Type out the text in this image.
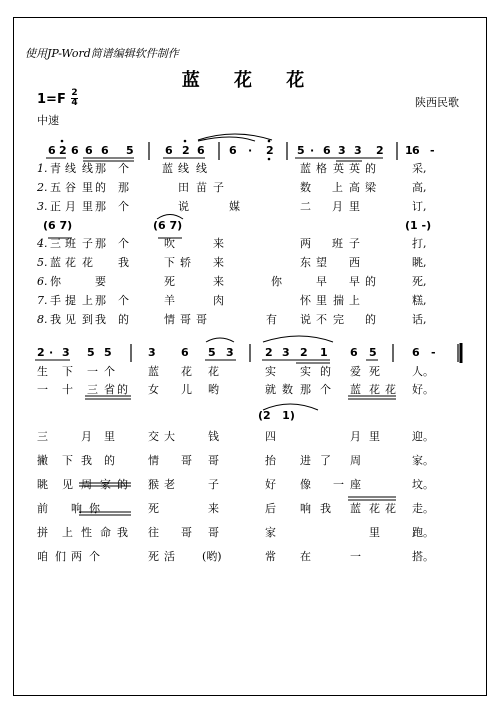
使用JP-Word简谱编辑软件制作
蓝 花 花
1=F 2
4
中速
陕西民歌
6 2 6 6 6 5	6 2 6 6 · 2 5 · 6 3 3 2 1 6 -
1. 青 线 线 那 个	蓝 线 线	蓝 格 英 英 的	采,
2. 五 谷 里 的 那	田 苗 子	数 上 高 梁	高,
3. 正 月 里 那 个	说	媒	二 月 里	订,
(6 7)	(6 7)	(1 -)
4. 三 班 子 那 个	吹	来	两 班 子	打,
5. 蓝 花 花 我	下 轿 来	东 望 西	眺,
6. 你	要	死	来	你	早 早 的	死,
7. 手 提 上 那 个	羊	肉	怀 里 揣 上	糕,
8. 我 见 到 我 的	情 哥 哥	有 说 不 完 的	话,
2 · 3 5 5	3 6 5 3	2 3 2 1 6 5	6 -
生 下 一 个	蓝 花 花	实 实 的 爱 死	人。
一 十 三 省 的 女 儿 哟	就 数 那 个 蓝 花 花 好。
(2   1)
三	月 里	交 大	钱	四	月 里	迎。
撇 下 我 的	情 哥 哥	抬 进 了 周	家。
眺 见 周 家 的 猴 老	子	好 像 一 座	坟。
前 响 你	死	来	后 响 我 蓝 花 花 走。
拼 上 性 命 我 往 哥 哥	家	里	跑。
咱 们 两 个	死 活 (哟)	常 在	一	搭。
